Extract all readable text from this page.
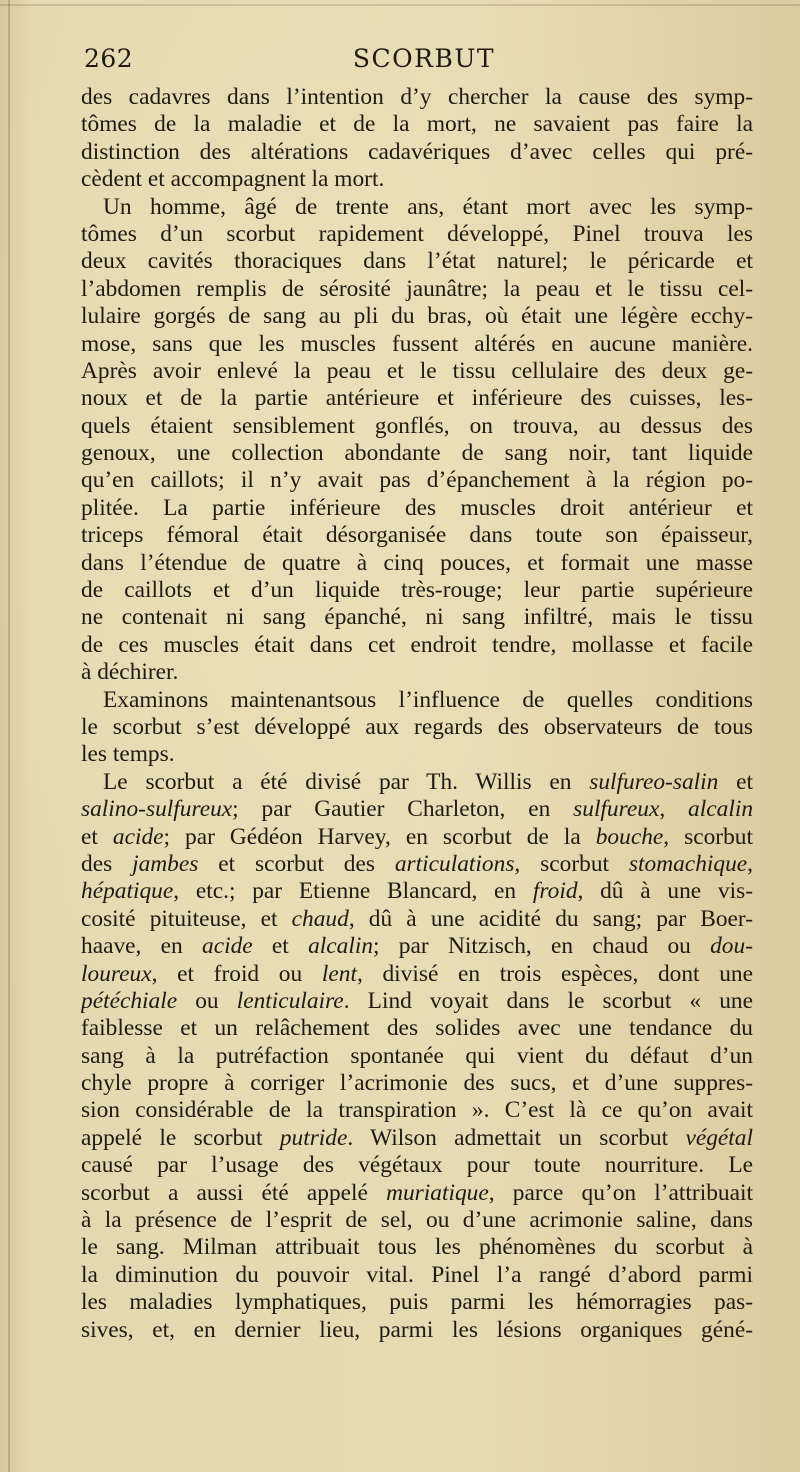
262	SCORBUT
des cadavres dans l’intention d’y chercher la cause des symp-
tômes de la maladie et de la mort, ne savaient pas faire la
distinction des altérations cadavériques d’avec celles qui pré-
cèdent et accompagnent la mort.
Un homme, âgé de trente ans, étant mort avec les symp-
tômes d’un scorbut rapidement développé, Pinel trouva les
deux cavités thoraciques dans l’état naturel; le péricarde et
l’abdomen remplis de sérosité jaunâtre; la peau et le tissu cel-
lulaire gorgés de sang au pli du bras, où était une légère ecchy-
mose, sans que les muscles fussent altérés en aucune manière.
Après avoir enlevé la peau et le tissu cellulaire des deux ge-
noux et de la partie antérieure et inférieure des cuisses, les-
quels étaient sensiblement gonflés, on trouva, au dessus des
genoux, une collection abondante de sang noir, tant liquide
qu’en caillots; il n’y avait pas d’épanchement à la région po-
plitée. La partie inférieure des muscles droit antérieur et
triceps fémoral était désorganisée dans toute son épaisseur,
dans l’étendue de quatre à cinq pouces, et formait une masse
de caillots et d’un liquide très-rouge; leur partie supérieure
ne contenait ni sang épanché, ni sang infiltré, mais le tissu
de ces muscles était dans cet endroit tendre, mollasse et facile
à déchirer.
Examinons maintenantsous l’influence de quelles conditions
le scorbut s’est développé aux regards des observateurs de tous
les temps.
Le scorbut a été divisé par Th. Willis en sulfureo-salin et
salino-sulfureux; par Gautier Charleton, en sulfureux, alcalin
et acide; par Gédéon Harvey, en scorbut de la bouche, scorbut
des jambes et scorbut des articulations, scorbut stomachique,
hépatique, etc.; par Etienne Blancard, en froid, dû à une vis-
cosité pituiteuse, et chaud, dû à une acidité du sang; par Boer-
haave, en acide et alcalin; par Nitzisch, en chaud ou dou-
loureux, et froid ou lent, divisé en trois espèces, dont une
pétéchiale ou lenticulaire. Lind voyait dans le scorbut « une
faiblesse et un relâchement des solides avec une tendance du
sang à la putréfaction spontanée qui vient du défaut d’un
chyle propre à corriger l’acrimonie des sucs, et d’une suppres-
sion considérable de la transpiration ». C’est là ce qu’on avait
appelé le scorbut putride. Wilson admettait un scorbut végétal
causé par l’usage des végétaux pour toute nourriture. Le
scorbut a aussi été appelé muriatique, parce qu’on l’attribuait
à la présence de l’esprit de sel, ou d’une acrimonie saline, dans
le sang. Milman attribuait tous les phénomènes du scorbut à
la diminution du pouvoir vital. Pinel l’a rangé d’abord parmi
les maladies lymphatiques, puis parmi les hémorragies pas-
sives, et, en dernier lieu, parmi les lésions organiques géné-
